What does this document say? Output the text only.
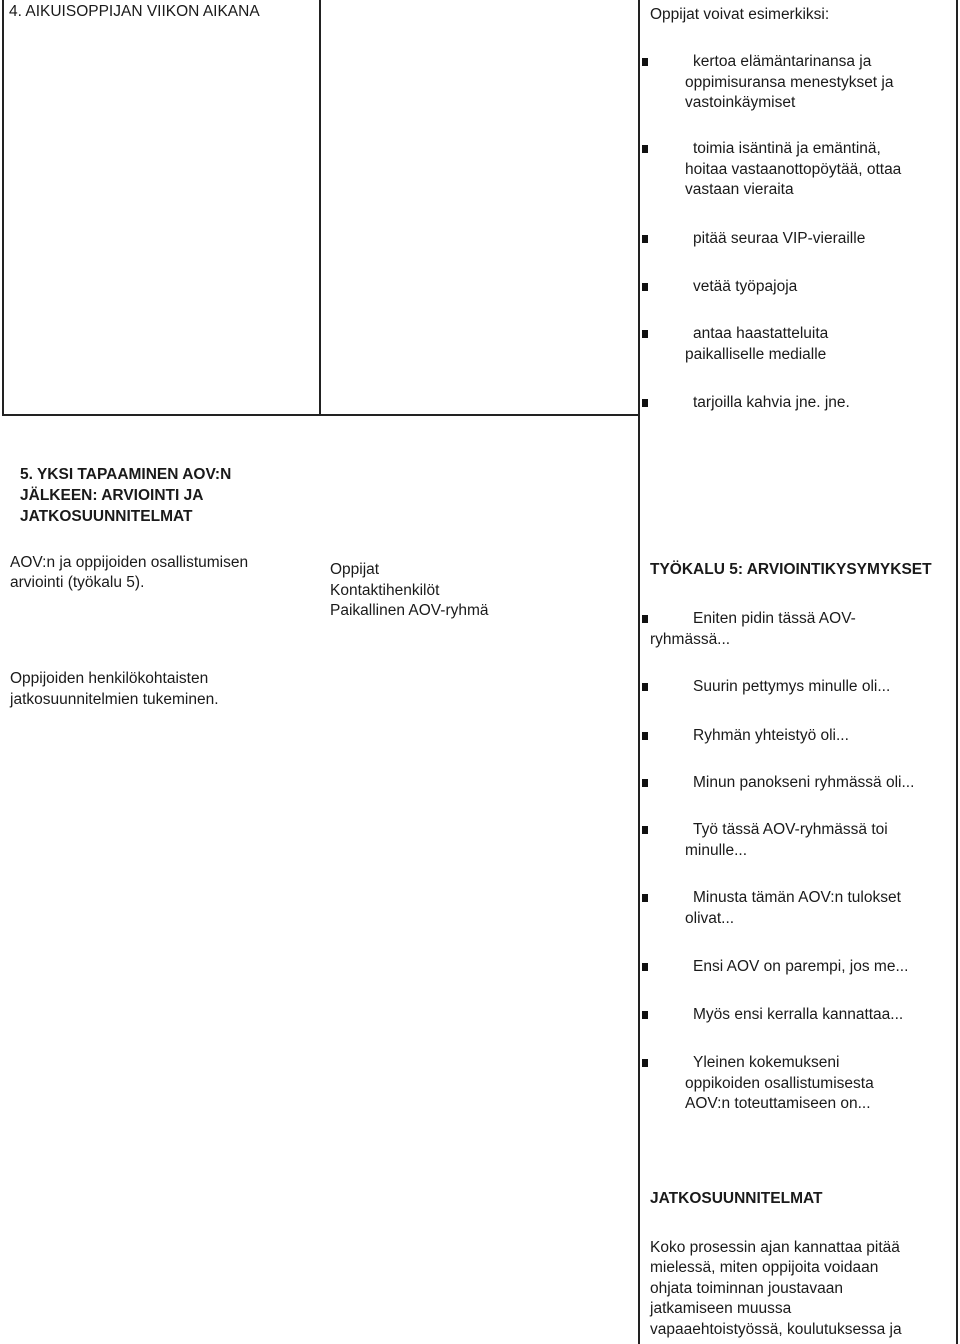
4. AIKUISOPPIJAN VIIKON AIKANA	Oppijat voivat esimerkiksi:
kertoa elämäntarinansa ja
oppimisuransa menestykset ja
vastoinkäymiset
toimia isäntinä ja emäntinä,
hoitaa vastaanottopöytää, ottaa
vastaan vieraita
pitää seuraa VIP-vieraille
vetää työpajoja
antaa haastatteluita
paikalliselle medialle
tarjoilla kahvia jne. jne.
5. YKSI TAPAAMINEN AOV:N
JÄLKEEN: ARVIOINTI JA
JATKOSUUNNITELMAT
AOV:n ja oppijoiden osallistumisen
arviointi (työkalu 5).
Oppijoiden henkilökohtaisten
jatkosuunnitelmien tukeminen.
Oppijat
Kontaktihenkilöt
Paikallinen AOV-ryhmä
TYÖKALU 5: ARVIOINTIKYSYMYKSET
Eniten pidin tässä AOV-
ryhmässä...
Suurin pettymys minulle oli...
Ryhmän yhteistyö oli...
Minun panokseni ryhmässä oli...
Työ tässä AOV-ryhmässä toi
minulle...
Minusta tämän AOV:n tulokset
olivat...
Ensi AOV on parempi, jos me...
Myös ensi kerralla kannattaa...
Yleinen kokemukseni
oppikoiden osallistumisesta
AOV:n toteuttamiseen on...
JATKOSUUNNITELMAT
Koko prosessin ajan kannattaa pitää
mielessä, miten oppijoita voidaan
ohjata toiminnan joustavaan
jatkamiseen muussa
vapaaehtoistyössä, koulutuksessa ja
